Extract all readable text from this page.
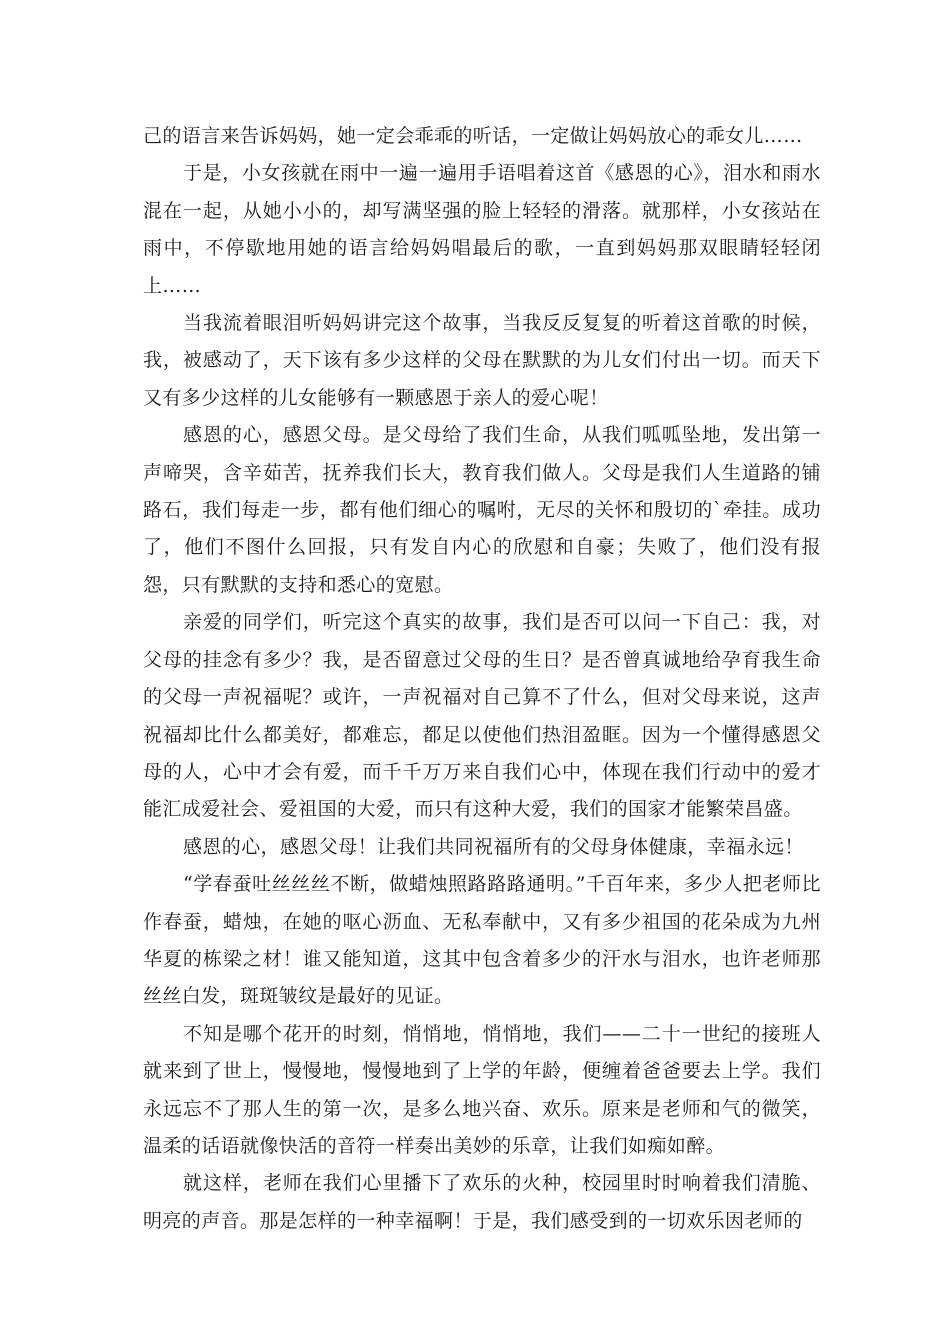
己的语言来告诉妈妈，她一定会乖乖的听话，一定做让妈妈放心的乖女儿……

于是，小女孩就在雨中一遍一遍用手语唱着这首《感恩的心》，泪水和雨水混在一起，从她小小的，却写满坚强的脸上轻轻的滑落。就那样，小女孩站在雨中，不停歇地用她的语言给妈妈唱最后的歌，一直到妈妈那双眼睛轻轻闭上……

当我流着眼泪听妈妈讲完这个故事，当我反反复复的听着这首歌的时候，我，被感动了，天下该有多少这样的父母在默默的为儿女们付出一切。而天下又有多少这样的儿女能够有一颗感恩于亲人的爱心呢！

感恩的心，感恩父母。是父母给了我们生命，从我们呱呱坠地，发出第一声啼哭，含辛茹苦，抚养我们长大，教育我们做人。父母是我们人生道路的铺路石，我们每走一步，都有他们细心的嘱咐，无尽的关怀和殷切的`牵挂。成功了，他们不图什么回报，只有发自内心的欣慰和自豪；失败了，他们没有报怨，只有默默的支持和悉心的宽慰。

亲爱的同学们，听完这个真实的故事，我们是否可以问一下自己：我，对父母的挂念有多少？我，是否留意过父母的生日？是否曾真诚地给孕育我生命的父母一声祝福呢？或许，一声祝福对自己算不了什么，但对父母来说，这声祝福却比什么都美好，都难忘，都足以使他们热泪盈眶。因为一个懂得感恩父母的人，心中才会有爱，而千千万万来自我们心中，体现在我们行动中的爱才能汇成爱社会、爱祖国的大爱，而只有这种大爱，我们的国家才能繁荣昌盛。

感恩的心，感恩父母！让我们共同祝福所有的父母身体健康，幸福永远！

“学春蚕吐丝丝丝不断，做蜡烛照路路路通明。”千百年来，多少人把老师比作春蚕，蜡烛，在她的呕心沥血、无私奉献中，又有多少祖国的花朵成为九州华夏的栋梁之材！谁又能知道，这其中包含着多少的汗水与泪水，也许老师那丝丝白发，斑斑皱纹是最好的见证。

不知是哪个花开的时刻，悄悄地，悄悄地，我们——二十一世纪的接班人就来到了世上，慢慢地，慢慢地到了上学的年龄，便缠着爸爸要去上学。我们永远忘不了那人生的第一次，是多么地兴奋、欢乐。原来是老师和气的微笑，温柔的话语就像快活的音符一样奏出美妙的乐章，让我们如痴如醉。

就这样，老师在我们心里播下了欢乐的火种，校园里时时响着我们清脆、明亮的声音。那是怎样的一种幸福啊！于是，我们感受到的一切欢乐因老师的
